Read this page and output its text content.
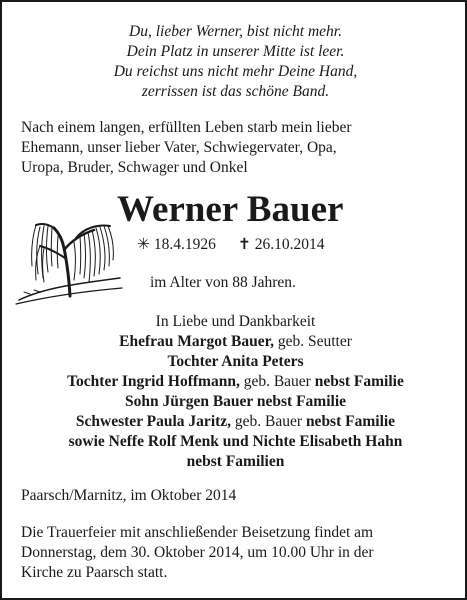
Du, lieber Werner, bist nicht mehr.
Dein Platz in unserer Mitte ist leer.
Du reichst uns nicht mehr Deine Hand,
zerrissen ist das schöne Band.
Nach einem langen, erfüllten Leben starb mein lieber
Ehemann, unser lieber Vater, Schwiegervater, Opa,
Uropa, Bruder, Schwager und Onkel
Werner Bauer
✳ 18.4.1926 ✝ 26.10.2014
im Alter von 88 Jahren.
In Liebe und Dankbarkeit
Ehefrau Margot Bauer, geb. Seutter
Tochter Anita Peters
Tochter Ingrid Hoffmann, geb. Bauer nebst Familie
Sohn Jürgen Bauer nebst Familie
Schwester Paula Jaritz, geb. Bauer nebst Familie
sowie Neffe Rolf Menk und Nichte Elisabeth Hahn
nebst Familien
Paarsch/Marnitz, im Oktober 2014
Die Trauerfeier mit anschließender Beisetzung findet am
Donnerstag, dem 30. Oktober 2014, um 10.00 Uhr in der
Kirche zu Paarsch statt.
